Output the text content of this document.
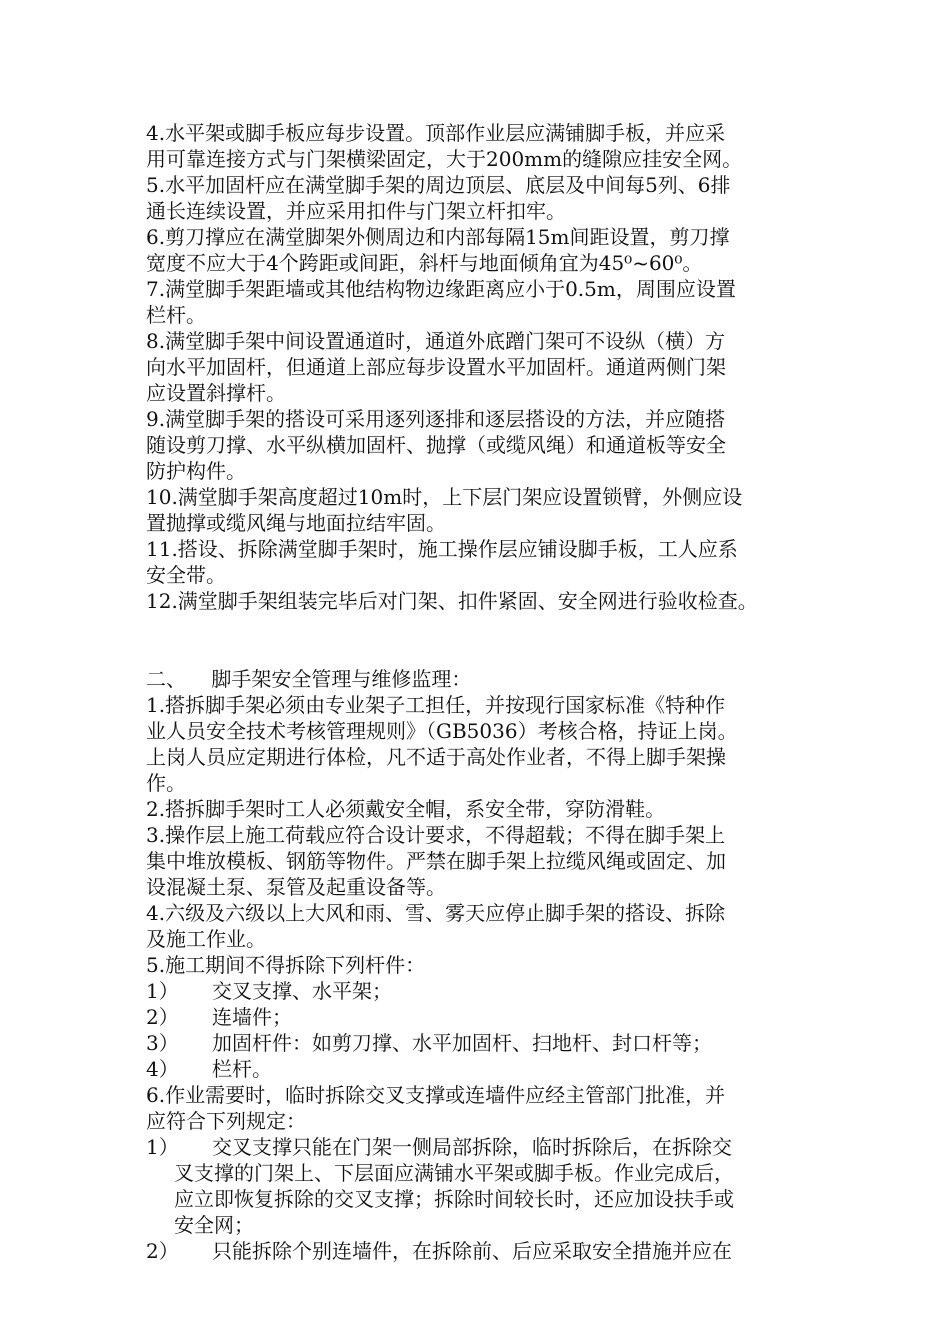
4.水平架或脚手板应每步设置。顶部作业层应满铺脚手板，并应采

用可靠连接方式与门架横梁固定，大于200mm的缝隙应挂安全网。

5.水平加固杆应在满堂脚手架的周边顶层、底层及中间每5列、6排

通长连续设置，并应采用扣件与门架立杆扣牢。

6.剪刀撑应在满堂脚架外侧周边和内部每隔15m间距设置，剪刀撑

宽度不应大于4个跨距或间距，斜杆与地面倾角宜为45⁰~60⁰。

7.满堂脚手架距墙或其他结构物边缘距离应小于0.5m，周围应设置

栏杆。

8.满堂脚手架中间设置通道时，通道外底蹭门架可不设纵（横）方

向水平加固杆，但通道上部应每步设置水平加固杆。通道两侧门架

应设置斜撑杆。

9.满堂脚手架的搭设可采用逐列逐排和逐层搭设的方法，并应随搭

随设剪刀撑、水平纵横加固杆、抛撑（或缆风绳）和通道板等安全

防护构件。

10.满堂脚手架高度超过10m时，上下层门架应设置锁臂，外侧应设

置抛撑或缆风绳与地面拉结牢固。

11.搭设、拆除满堂脚手架时，施工操作层应铺设脚手板，工人应系

安全带。

12.满堂脚手架组装完毕后对门架、扣件紧固、安全网进行验收检查。

二、    脚手架安全管理与维修监理：

1.搭拆脚手架必须由专业架子工担任，并按现行国家标准《特种作

业人员安全技术考核管理规则》（GB5036）考核合格，持证上岗。

上岗人员应定期进行体检，凡不适于高处作业者，不得上脚手架操

作。

2.搭拆脚手架时工人必须戴安全帽，系安全带，穿防滑鞋。

3.操作层上施工荷载应符合设计要求，不得超载；不得在脚手架上

集中堆放模板、钢筋等物件。严禁在脚手架上拉缆风绳或固定、加

设混凝土泵、泵管及起重设备等。

4.六级及六级以上大风和雨、雪、雾天应停止脚手架的搭设、拆除

及施工作业。

5.施工期间不得拆除下列杆件：

1）	交叉支撑、水平架；
2）	连墙件；
3）	加固杆件：如剪刀撑、水平加固杆、扫地杆、封口杆等；
4）	栏杆。

6.作业需要时，临时拆除交叉支撑或连墙件应经主管部门批准，并

应符合下列规定：

1）	交叉支撑只能在门架一侧局部拆除，临时拆除后，在拆除交
叉支撑的门架上、下层面应满铺水平架或脚手板。作业完成后，
应立即恢复拆除的交叉支撑；拆除时间较长时，还应加设扶手或
安全网；
2）	只能拆除个别连墙件，在拆除前、后应采取安全措施并应在
